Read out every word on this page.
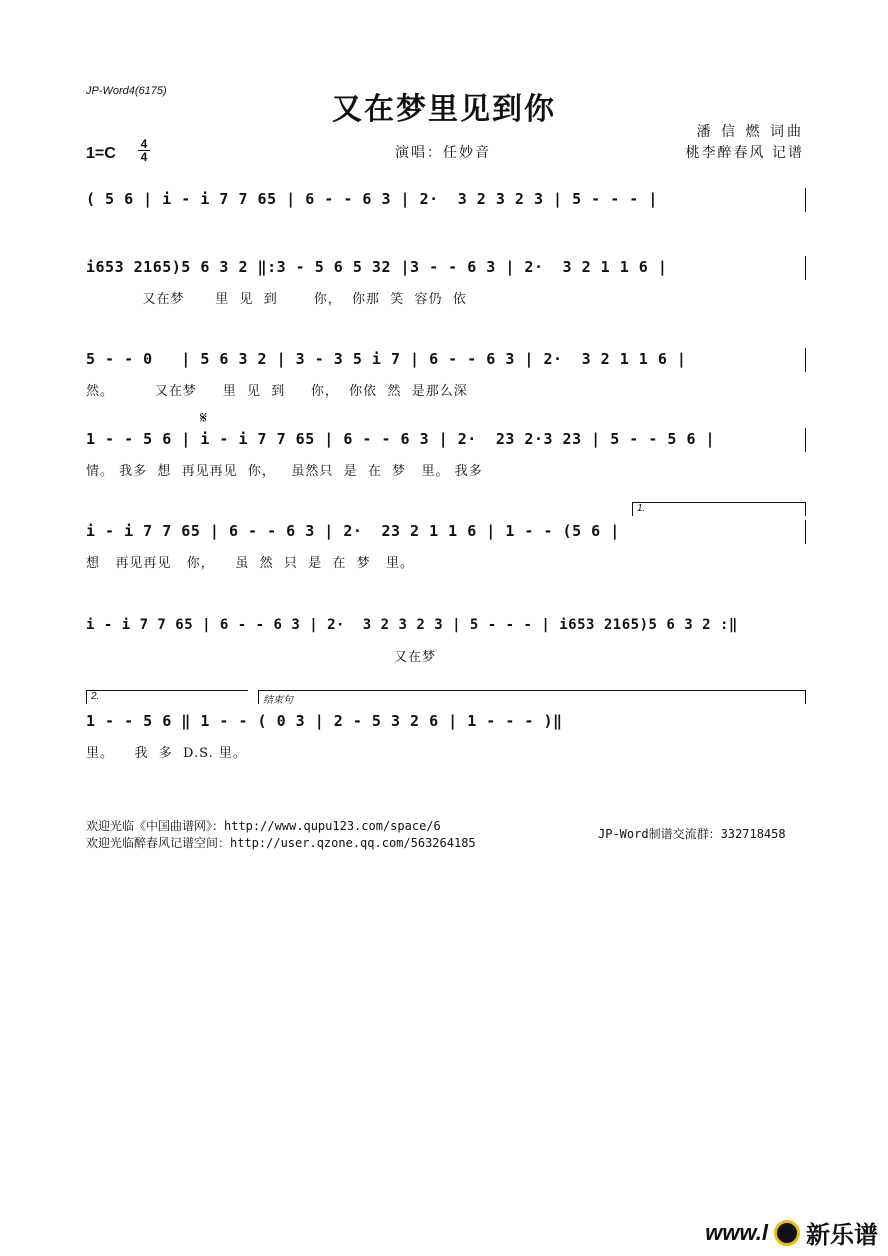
JP-Word4(6175)
又在梦里见到你
潘 信 燃 词曲
桃李醉春风 记谱
演唱：任妙音
1=C
4
4
( 5 6 | i - i 7 7 65 | 6 - - 6 3 | 2·  3 2 3 2 3 | 5 - - - |
i653 2165)5 6 3 2 ‖:3 - 5 6 5 32 |3 - - 6 3 | 2·  3 2 1 1 6 |
又在梦      里  见  到       你，  你那  笑  容仍  依
5 - - 0   | 5 6 3 2 | 3 - 3 5 i 7 | 6 - - 6 3 | 2·  3 2 1 1 6 |
然。        又在梦     里  见  到     你，  你依  然  是那么深
𝄋
1 - - 5 6 | i - i 7 7 65 | 6 - - 6 3 | 2·  23 2·3 23 | 5 - - 5 6 |
情。 我多  想  再见再见  你，   虽然只  是  在  梦   里。 我多
1.
i - i 7 7 65 | 6 - - 6 3 | 2·  23 2 1 1 6 | 1 - - (5 6 |
想   再见再见   你，    虽  然  只  是  在  梦   里。
i - i 7 7 65 | 6 - - 6 3 | 2·  3 2 3 2 3 | 5 - - - | i653 2165)5 6 3 2 :‖
又在梦
2.	结束句
1 - - 5 6 ‖ 1 - - ( 0 3 | 2 - 5 3 2 6 | 1 - - - )‖
里。    我  多  D.S. 里。
欢迎光临《中国曲谱网》：http://www.qupu123.com/space/6
欢迎光临醉春风记谱空间：http://user.qzone.qq.com/563264185
JP-Word制谱交流群：332718458
www.l 新乐谱
